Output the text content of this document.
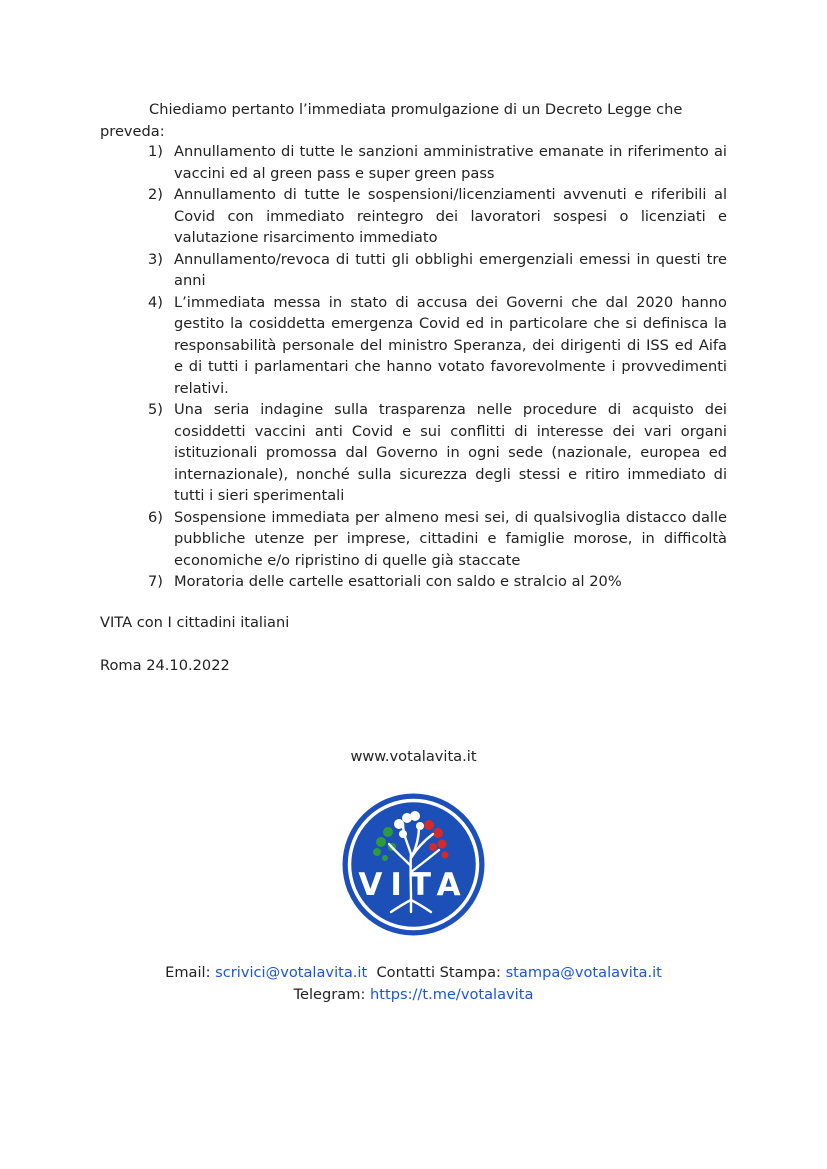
Chiediamo pertanto l’immediata promulgazione di un Decreto Legge che preveda:

1) Annullamento di tutte le sanzioni amministrative emanate in riferimento ai vaccini ed al green pass e super green pass
2) Annullamento di tutte le sospensioni/licenziamenti avvenuti e riferibili al Covid con immediato reintegro dei lavoratori sospesi o licenziati e valutazione risarcimento immediato
3) Annullamento/revoca di tutti gli obblighi emergenziali emessi in questi tre anni
4) L’immediata messa in stato di accusa dei Governi che dal 2020 hanno gestito la cosiddetta emergenza Covid ed in particolare che si definisca la responsabilità personale del ministro Speranza, dei dirigenti di ISS ed Aifa e di tutti i parlamentari che hanno votato favorevolmente i provvedimenti relativi.
5) Una seria indagine sulla trasparenza nelle procedure di acquisto dei cosiddetti vaccini anti Covid e sui conflitti di interesse dei vari organi istituzionali promossa dal Governo in ogni sede (nazionale, europea ed internazionale), nonché sulla sicurezza degli stessi e ritiro immediato di tutti i sieri sperimentali
6) Sospensione immediata per almeno mesi sei, di qualsivoglia distacco dalle pubbliche utenze per imprese, cittadini e famiglie morose, in difficoltà economiche e/o ripristino di quelle già staccate
7) Moratoria delle cartelle esattoriali con saldo e stralcio al 20%

VITA con I cittadini italiani

Roma 24.10.2022

www.votalavita.it

VITA
Email: scrivici@votalavita.it Contatti Stampa: stampa@votalavita.it
Telegram: https://t.me/votalavita
